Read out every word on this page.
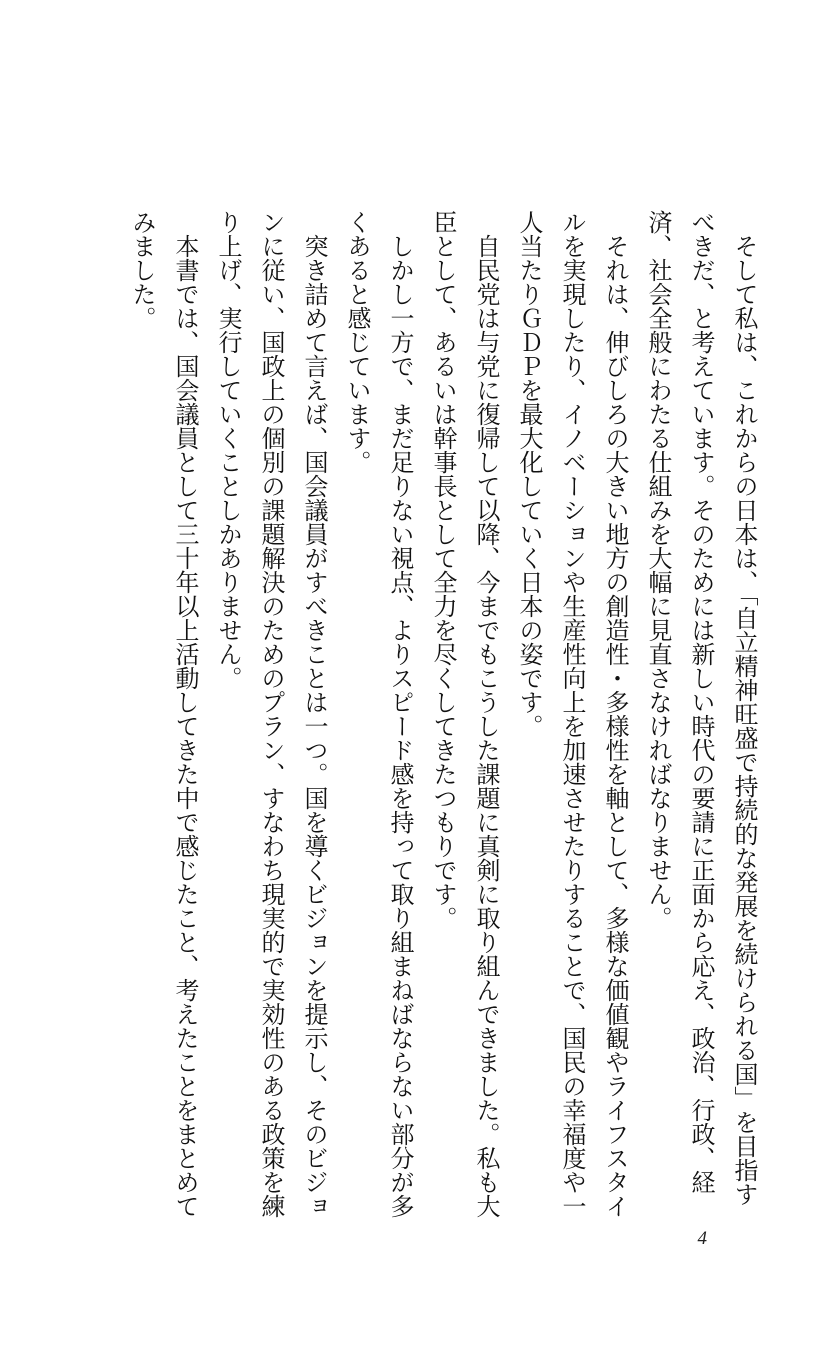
そして私は、これからの日本は、「自立精神旺盛で持続的な発展を続けられる国」を目指すべきだ、と考えています。そのためには新しい時代の要請に正面から応え、政治、行政、経済、社会全般にわたる仕組みを大幅に見直さなければなりません。

それは、伸びしろの大きい地方の創造性・多様性を軸として、多様な価値観やライフスタイルを実現したり、イノベーションや生産性向上を加速させたりすることで、国民の幸福度や一人当たりＧＤＰを最大化していく日本の姿です。

自民党は与党に復帰して以降、今までもこうした課題に真剣に取り組んできました。私も大臣として、あるいは幹事長として全力を尽くしてきたつもりです。

しかし一方で、まだ足りない視点、よりスピード感を持って取り組まねばならない部分が多くあると感じています。

突き詰めて言えば、国会議員がすべきことは一つ。国を導くビジョンを提示し、そのビジョンに従い、国政上の個別の課題解決のためのプラン、すなわち現実的で実効性のある政策を練り上げ、実行していくことしかありません。

本書では、国会議員として三十年以上活動してきた中で感じたこと、考えたことをまとめてみました。

4
